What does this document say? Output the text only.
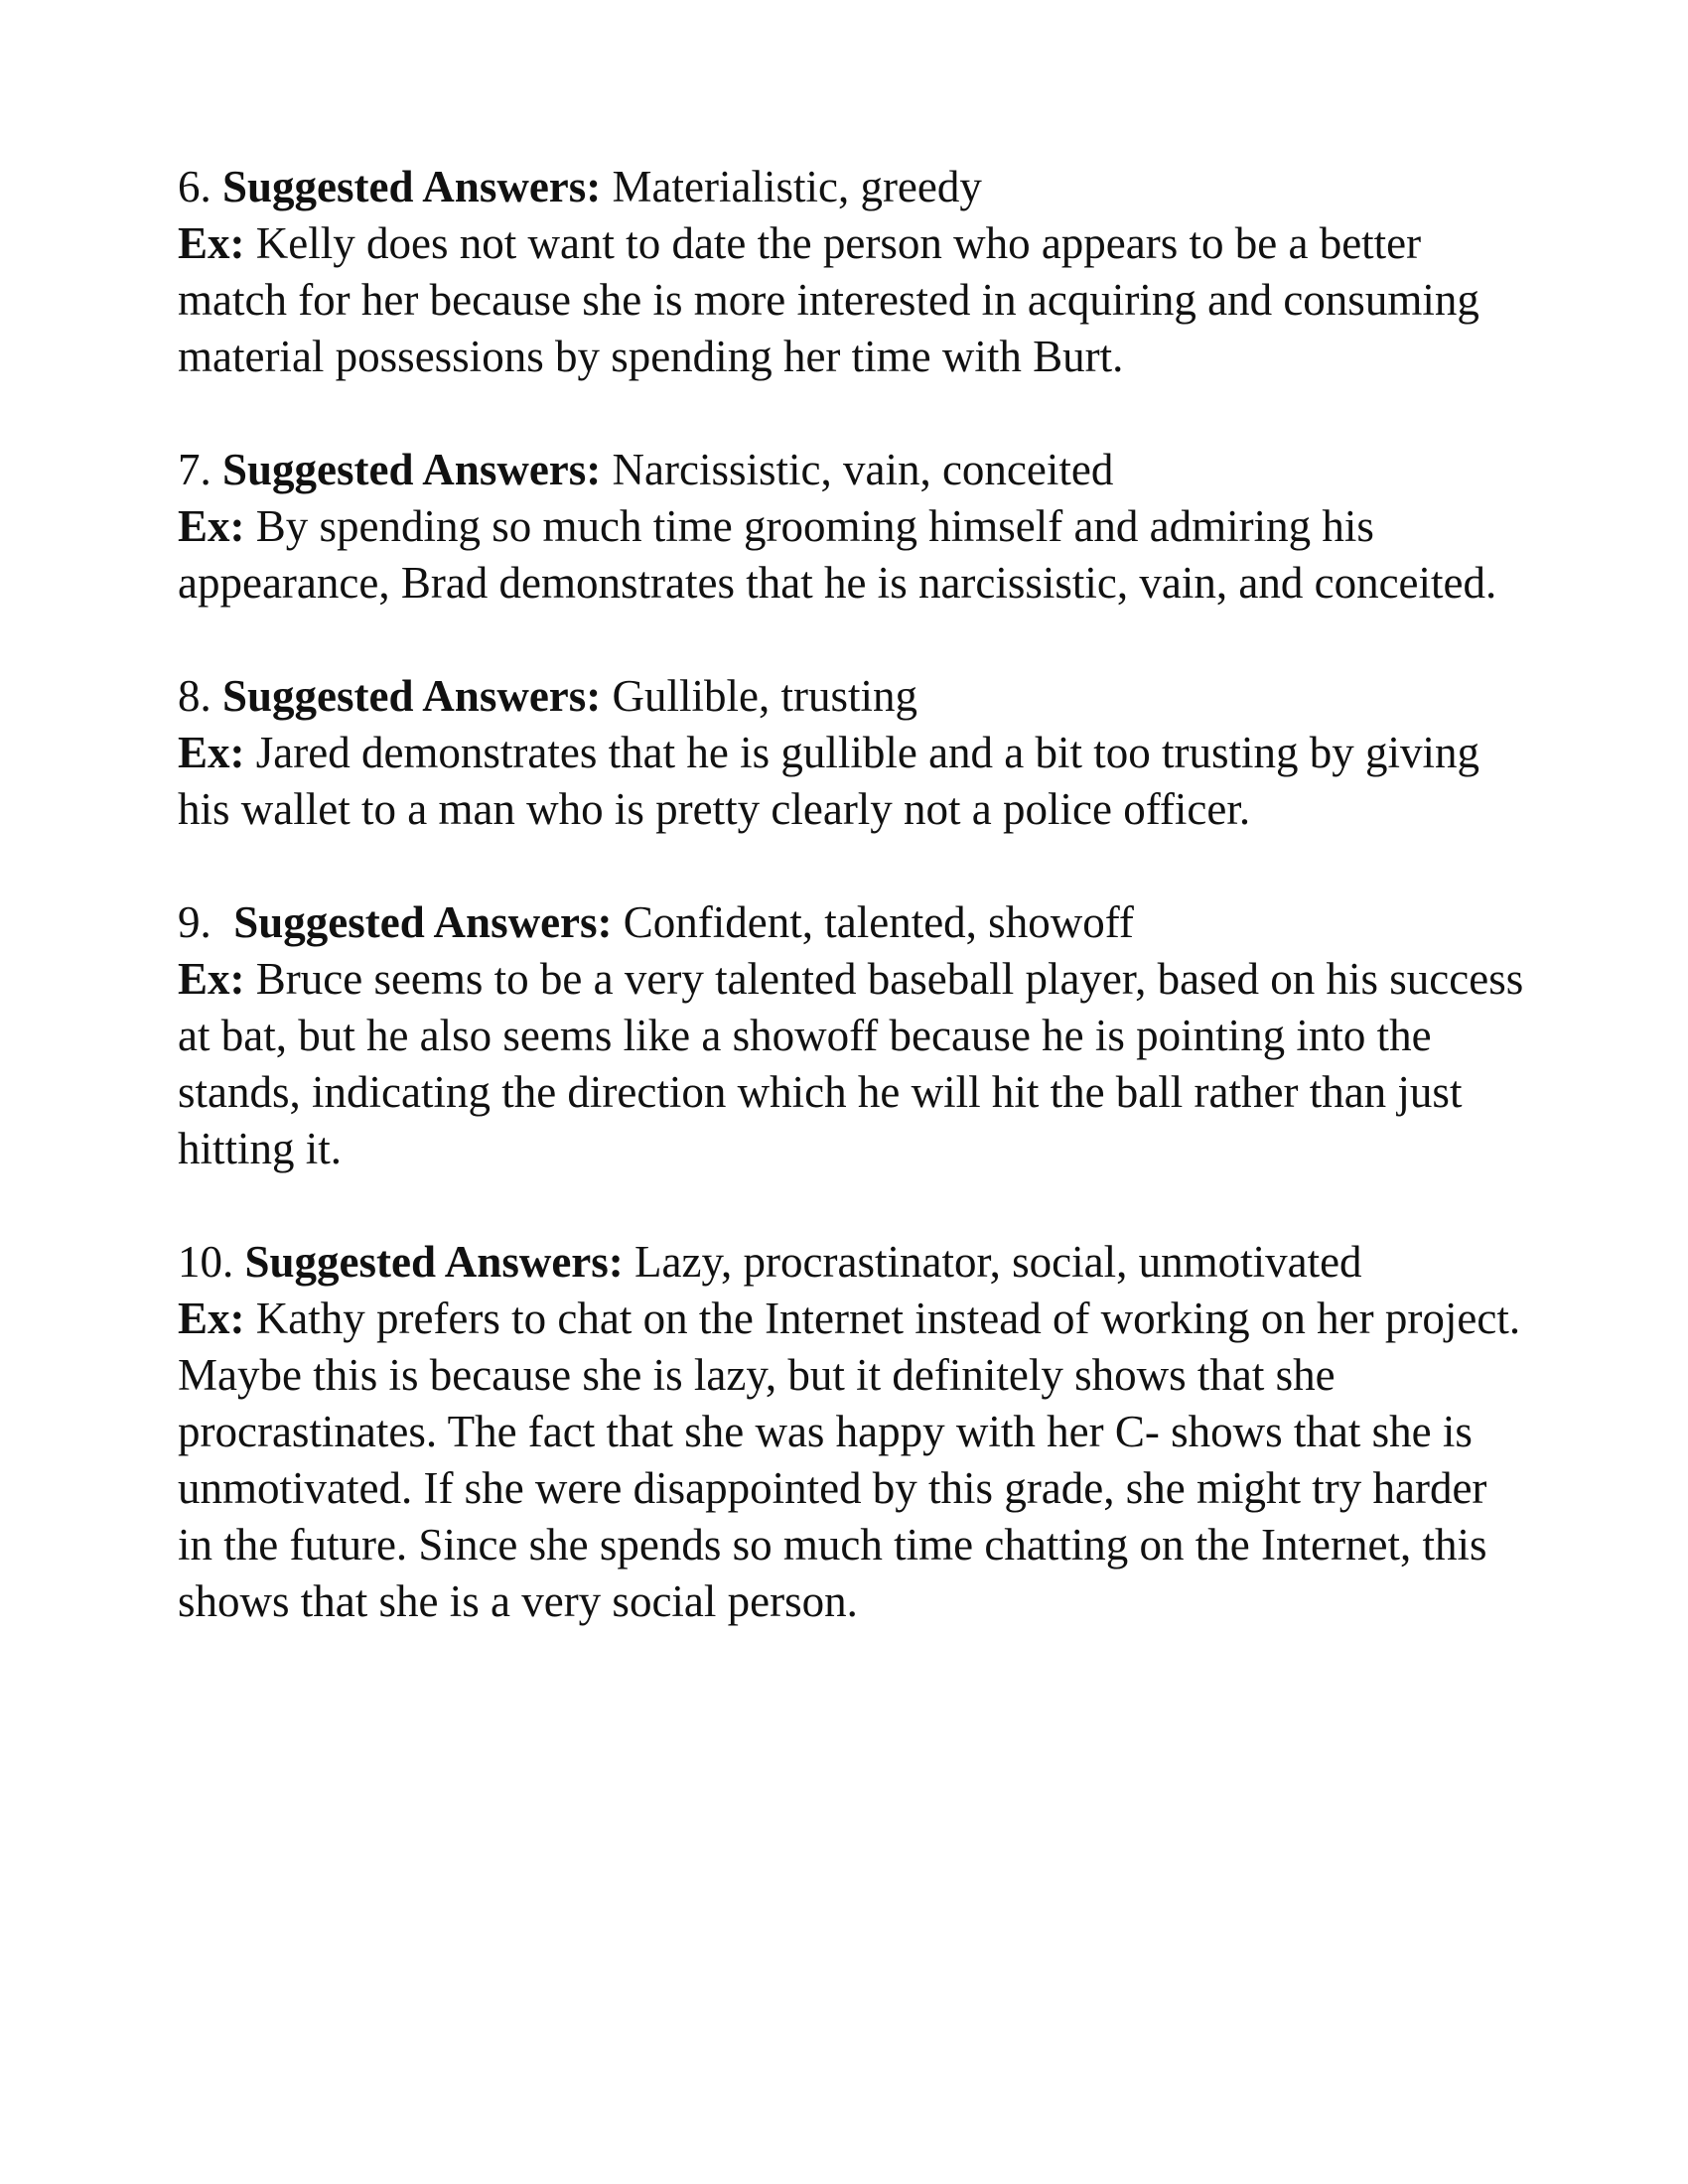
6. Suggested Answers: Materialistic, greedy

Ex: Kelly does not want to date the person who appears to be a better match for her because she is more interested in acquiring and consuming material possessions by spending her time with Burt.

7. Suggested Answers: Narcissistic, vain, conceited

Ex: By spending so much time grooming himself and admiring his appearance, Brad demonstrates that he is narcissistic, vain, and conceited.

8. Suggested Answers: Gullible, trusting

Ex: Jared demonstrates that he is gullible and a bit too trusting by giving his wallet to a man who is pretty clearly not a police officer.

9. Suggested Answers: Confident, talented, showoff

Ex: Bruce seems to be a very talented baseball player, based on his success at bat, but he also seems like a showoff because he is pointing into the stands, indicating the direction which he will hit the ball rather than just hitting it.

10. Suggested Answers: Lazy, procrastinator, social, unmotivated

Ex: Kathy prefers to chat on the Internet instead of working on her project. Maybe this is because she is lazy, but it definitely shows that she procrastinates. The fact that she was happy with her C- shows that she is unmotivated. If she were disappointed by this grade, she might try harder in the future. Since she spends so much time chatting on the Internet, this shows that she is a very social person.
